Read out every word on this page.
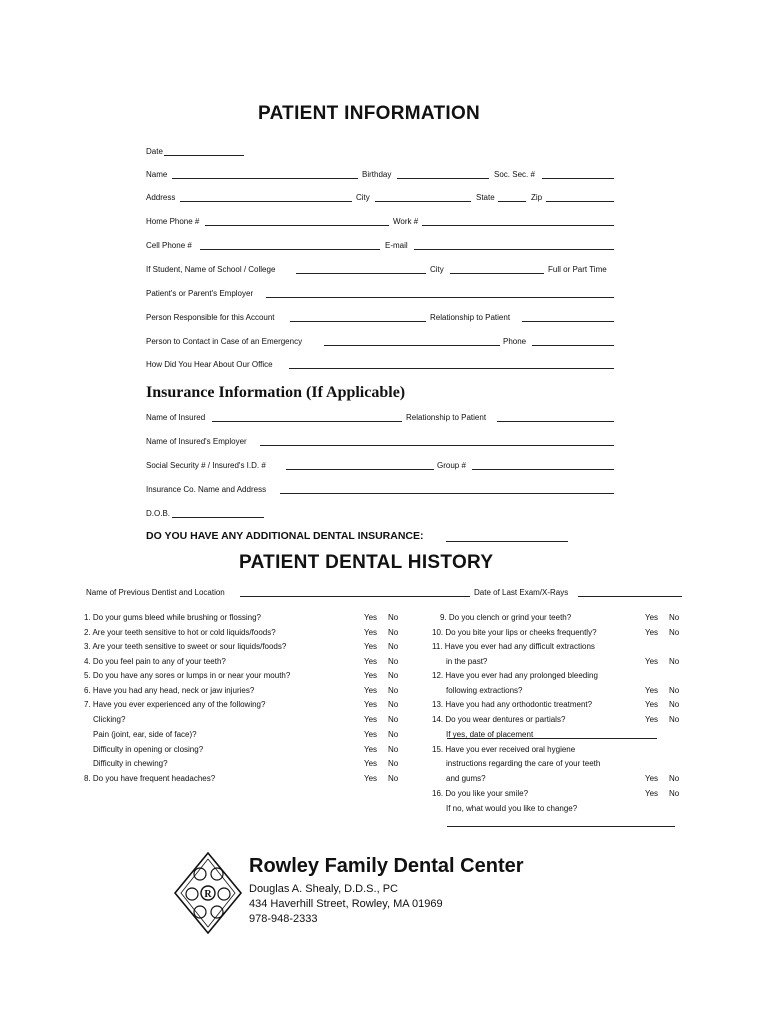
PATIENT INFORMATION
Date
Name	Birthday	Soc. Sec. #
Address	City	State	Zip
Home Phone #	Work #
Cell Phone #	E-mail
If Student, Name of School / College	City	Full or Part Time
Patient's or Parent's Employer
Person Responsible for this Account	Relationship to Patient
Person to Contact in Case of an Emergency	Phone
How Did You Hear About Our Office
Insurance Information (If Applicable)
Name of Insured	Relationship to Patient
Name of Insured's Employer
Social Security # / Insured's I.D. #	Group #
Insurance Co. Name and Address
D.O.B.
DO YOU HAVE ANY ADDITIONAL DENTAL INSURANCE:
PATIENT DENTAL HISTORY
Name of Previous Dentist and Location	Date of Last Exam/X-Rays
1. Do your gums bleed while brushing or flossing?	Yes No
2. Are your teeth sensitive to hot or cold liquids/foods?	Yes No
3. Are your teeth sensitive to sweet or sour liquids/foods?	Yes No
4. Do you feel pain to any of your teeth?	Yes No
5. Do you have any sores or lumps in or near your mouth?	Yes No
6. Have you had any head, neck or jaw injuries?	Yes No
7. Have you ever experienced any of the following?	Yes No
Clicking?	Yes No
Pain (joint, ear, side of face)?	Yes No
Difficulty in opening or closing?	Yes No
Difficulty in chewing?	Yes No
8. Do you have frequent headaches?	Yes No
9. Do you clench or grind your teeth?	Yes No
10. Do you bite your lips or cheeks frequently?	Yes No
11. Have you ever had any difficult extractions
in the past?	Yes No
12. Have you ever had any prolonged bleeding
following extractions?	Yes No
13. Have you had any orthodontic treatment?	Yes No
14. Do you wear dentures or partials?	Yes No
If yes, date of placement
15. Have you ever received oral hygiene
instructions regarding the care of your teeth
and gums?	Yes No
16. Do you like your smile?	Yes No
If no, what would you like to change?
R
Rowley Family Dental Center
Douglas A. Shealy, D.D.S., PC
434 Haverhill Street, Rowley, MA 01969
978-948-2333
